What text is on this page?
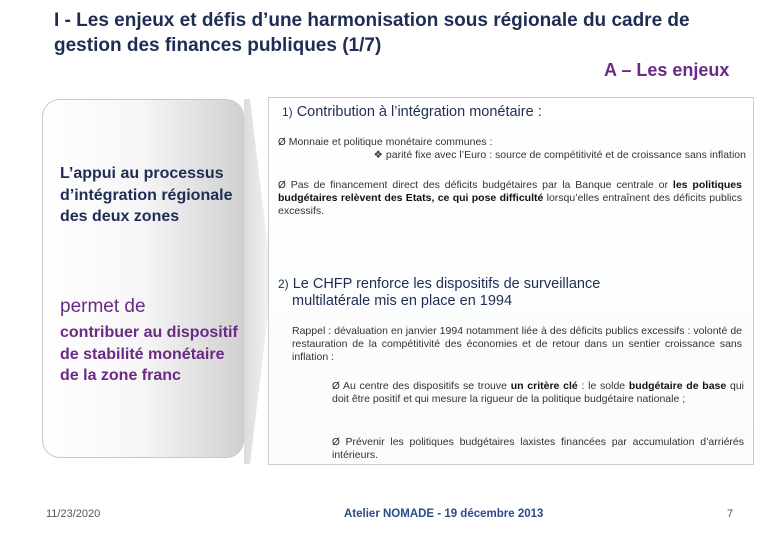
I - Les enjeux et défis d’une harmonisation sous régionale du cadre de gestion des finances publiques (1/7)
A – Les enjeux
L’appui au processus d’intégration régionale des deux zones
permet de
contribuer au dispositif de stabilité monétaire de la zone franc
1) Contribution à l’intégration monétaire :
Ø Monnaie et politique monétaire communes :
❖ parité fixe avec l’Euro : source de compétitivité et de croissance sans inflation
Ø Pas de financement direct des déficits budgétaires par la Banque centrale or les politiques budgétaires relèvent des Etats, ce qui pose difficulté lorsqu’elles entraînent des déficits publics excessifs.
2) Le CHFP renforce les dispositifs de surveillance
multilatérale mis en place en 1994
Rappel : dévaluation en janvier 1994 notamment liée à des déficits publics excessifs : volonté de restauration de la compétitivité des économies et de retour dans un sentier croissance sans inflation :
Ø Au centre des dispositifs se trouve un critère clé : le solde budgétaire de base qui doit être positif et qui mesure la rigueur de la politique budgétaire nationale ;
Ø Prévenir les politiques budgétaires laxistes financées par accumulation d’arriérés intérieurs.
11/23/2020	Atelier NOMADE - 19 décembre 2013	7
